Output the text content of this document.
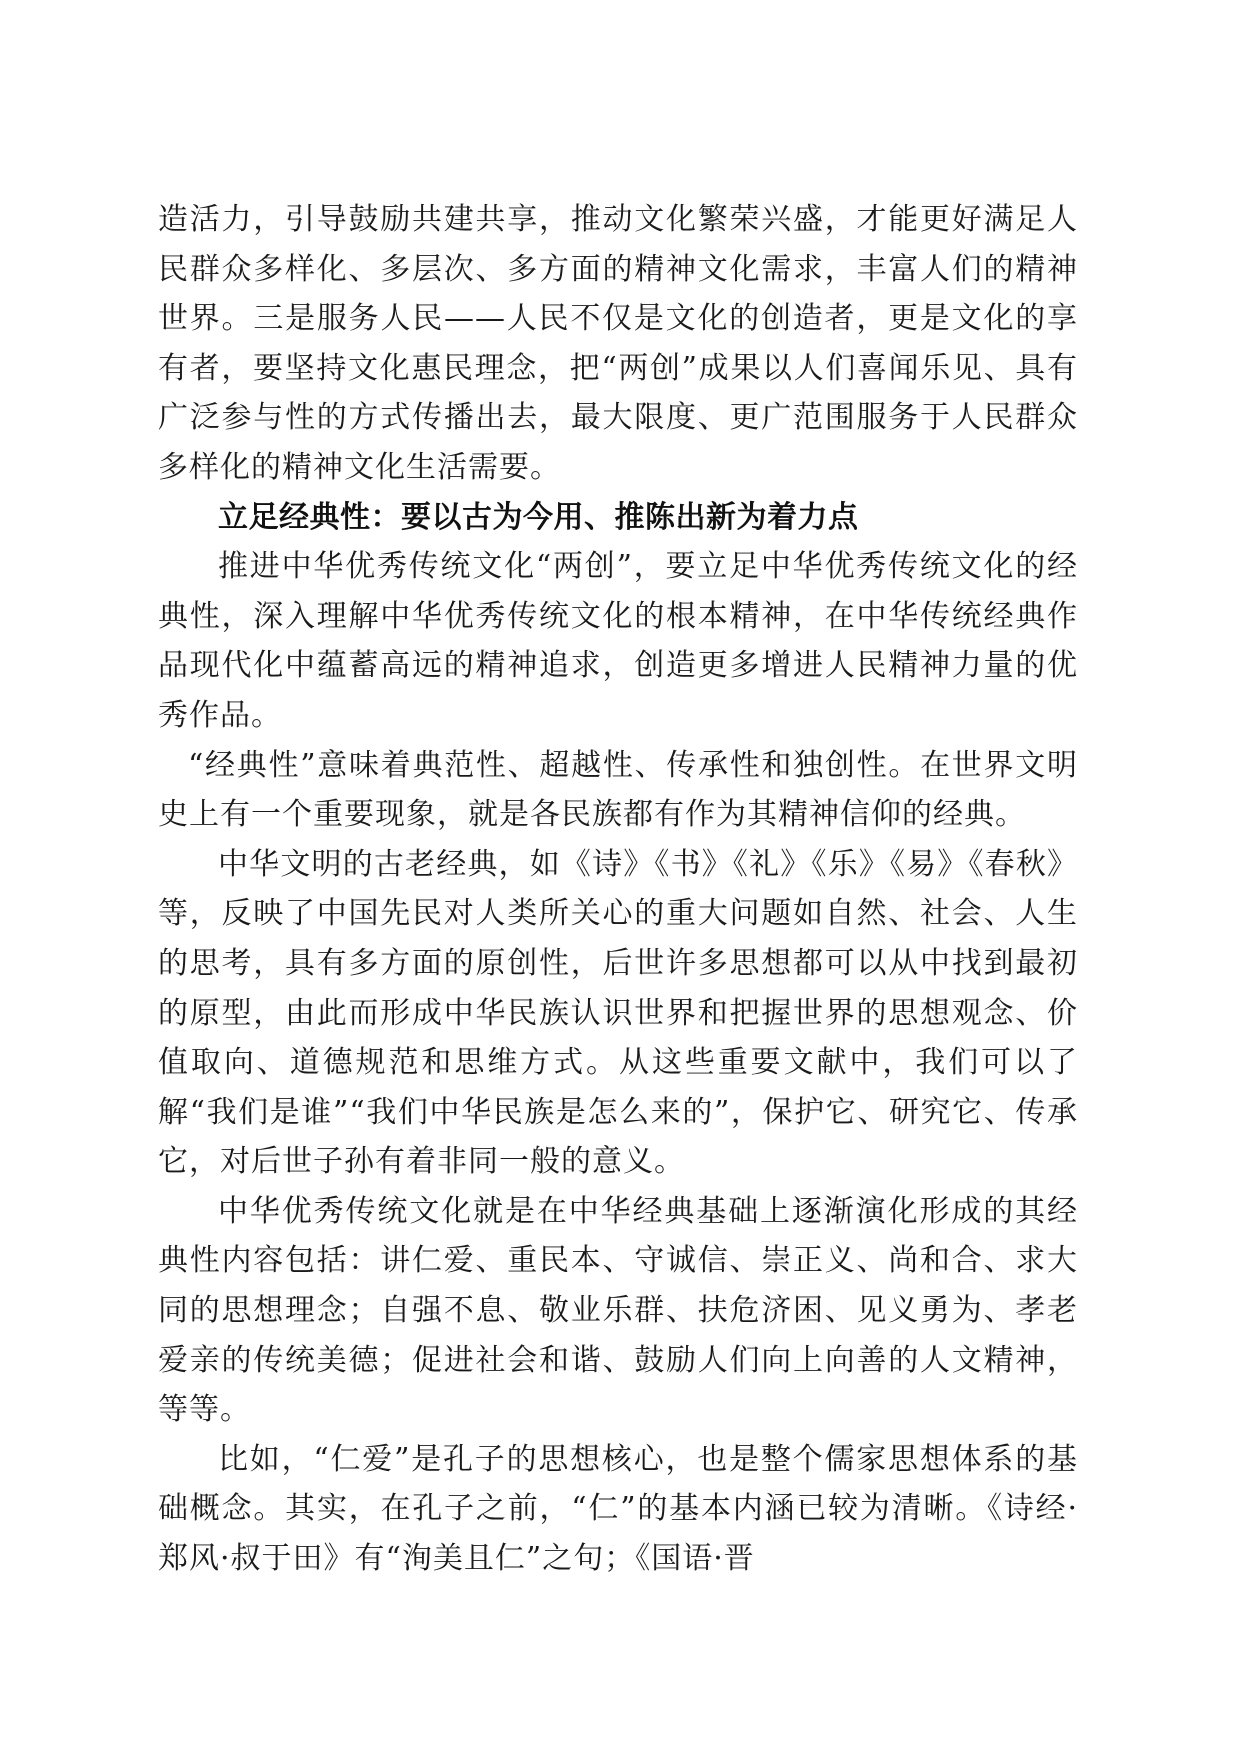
造活力，引导鼓励共建共享，推动文化繁荣兴盛，才能更好满足人民群众多样化、多层次、多方面的精神文化需求，丰富人们的精神世界。三是服务人民——人民不仅是文化的创造者，更是文化的享有者，要坚持文化惠民理念，把“两创”成果以人们喜闻乐见、具有广泛参与性的方式传播出去，最大限度、更广范围服务于人民群众多样化的精神文化生活需要。

立足经典性：要以古为今用、推陈出新为着力点

推进中华优秀传统文化“两创”，要立足中华优秀传统文化的经典性，深入理解中华优秀传统文化的根本精神，在中华传统经典作品现代化中蕴蓄高远的精神追求，创造更多增进人民精神力量的优秀作品。

“经典性”意味着典范性、超越性、传承性和独创性。在世界文明史上有一个重要现象，就是各民族都有作为其精神信仰的经典。

中华文明的古老经典，如《诗》《书》《礼》《乐》《易》《春秋》等，反映了中国先民对人类所关心的重大问题如自然、社会、人生的思考，具有多方面的原创性，后世许多思想都可以从中找到最初的原型，由此而形成中华民族认识世界和把握世界的思想观念、价值取向、道德规范和思维方式。从这些重要文献中，我们可以了解“我们是谁”“我们中华民族是怎么来的”，保护它、研究它、传承它，对后世子孙有着非同一般的意义。

中华优秀传统文化就是在中华经典基础上逐渐演化形成的其经典性内容包括：讲仁爱、重民本、守诚信、崇正义、尚和合、求大同的思想理念；自强不息、敬业乐群、扶危济困、见义勇为、孝老爱亲的传统美德；促进社会和谐、鼓励人们向上向善的人文精神，等等。

比如，“仁爱”是孔子的思想核心，也是整个儒家思想体系的基础概念。其实，在孔子之前，“仁”的基本内涵已较为清晰。《诗经·郑风·叔于田》有“洵美且仁”之句；《国语·晋
